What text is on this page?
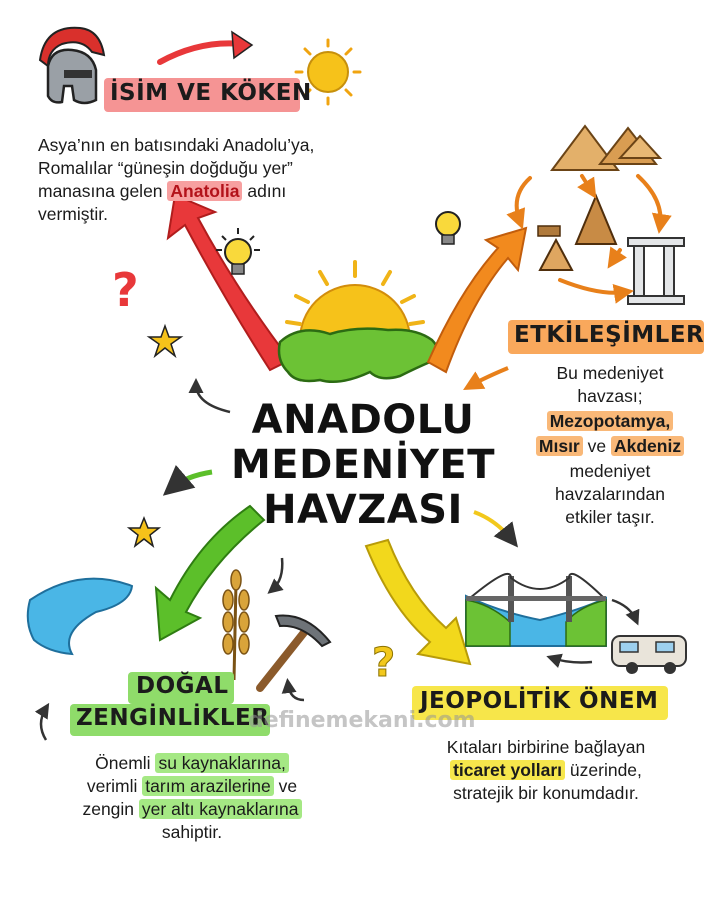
?
?
İSİM VE KÖKEN
Asya’nın en batısındaki Anadolu’ya,
Romalılar “güneşin doğduğu yer”
manasına gelen Anatolia adını
vermiştir.
ANADOLU
MEDENİYET
HAVZASI
ETKİLEŞİMLER
Bu medeniyet
havzası;
Mezopotamya,
Mısır ve Akdeniz
medeniyet
havzalarından
etkiler taşır.
DOĞAL
ZENGİNLİKLER
Önemli su kaynaklarına,
verimli tarım arazilerine ve
zengin yer altı kaynaklarına
sahiptir.
JEOPOLİTİK ÖNEM
Kıtaları birbirine bağlayan
ticaret yolları üzerinde,
stratejik bir konumdadır.
definemekani.com
